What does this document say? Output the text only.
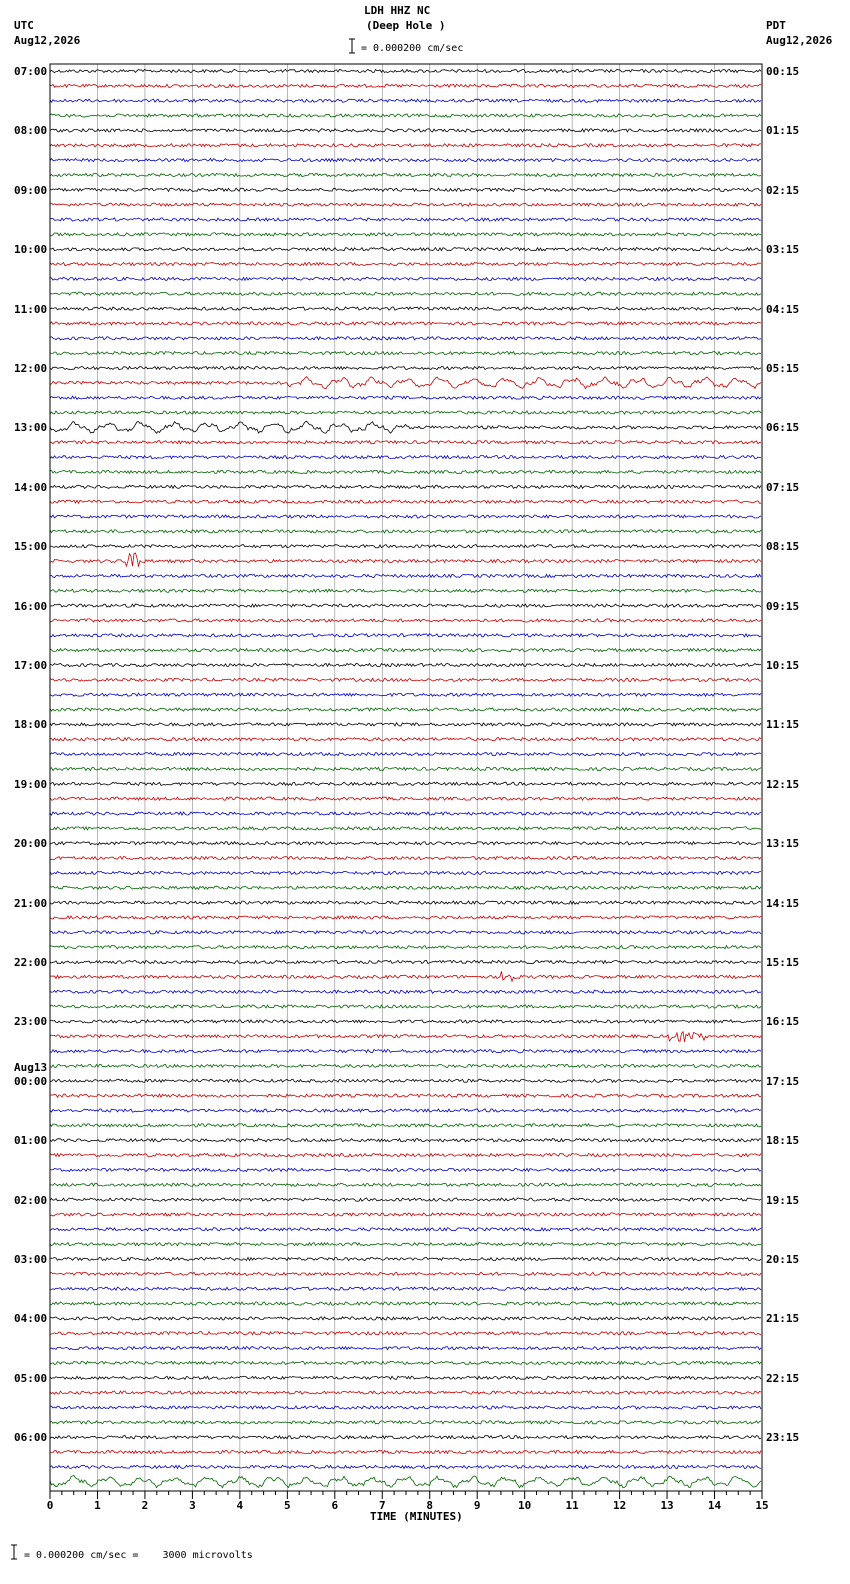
0	1	2	3	4	5	6	7	8	9	10	11	12	13	14	15
LDH HHZ NC
(Deep Hole )
= 0.000200 cm/sec
UTC
Aug12,2026
PDT
Aug12,2026
TIME (MINUTES)
= 0.000200 cm/sec =    3000 microvolts
07:00
08:00
09:00
10:00
11:00
12:00
13:00
14:00
15:00
16:00
17:00
18:00
19:00
20:00
21:00
22:00
23:00
00:00
Aug13
01:00
02:00
03:00
04:00
05:00
06:00
00:15
01:15
02:15
03:15
04:15
05:15
06:15
07:15
08:15
09:15
10:15
11:15
12:15
13:15
14:15
15:15
16:15
17:15
18:15
19:15
20:15
21:15
22:15
23:15
